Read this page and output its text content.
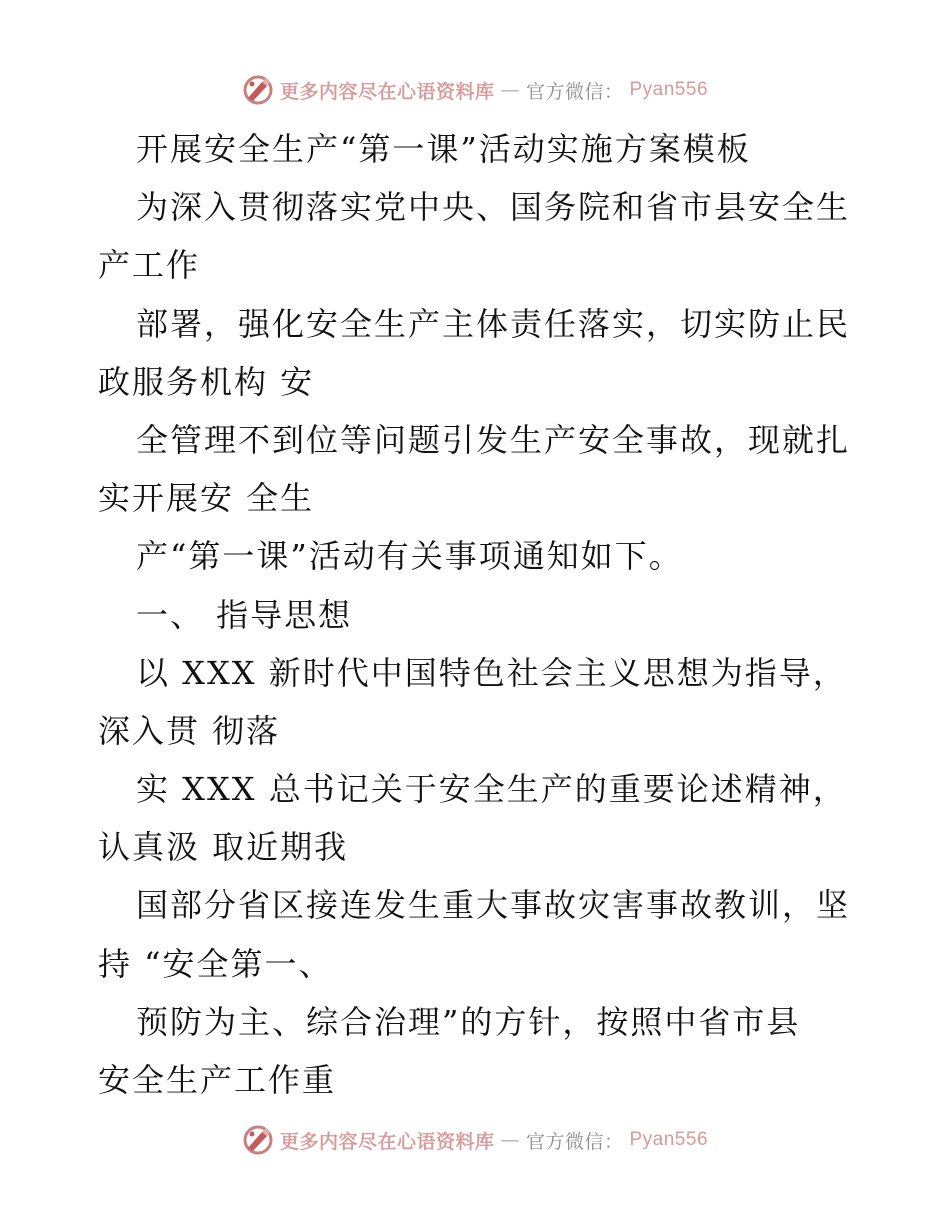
更多内容尽在心语资料库 — 官方微信： Pyan556
开展安全生产“第一课”活动实施方案模板
为深入贯彻落实党中央、国务院和省市县安全生
产工作
部署，强化安全生产主体责任落实，切实防止民
政服务机构 安
全管理不到位等问题引发生产安全事故，现就扎
实开展安 全生
产“第一课”活动有关事项通知如下。
一、 指导思想
以 XXX 新时代中国特色社会主义思想为指导，
深入贯 彻落
实 XXX 总书记关于安全生产的重要论述精神，
认真汲 取近期我
国部分省区接连发生重大事故灾害事故教训，坚
持 “安全第一、
预防为主、综合治理”的方针，按照中省市县
安全生产工作重
更多内容尽在心语资料库 — 官方微信： Pyan556
